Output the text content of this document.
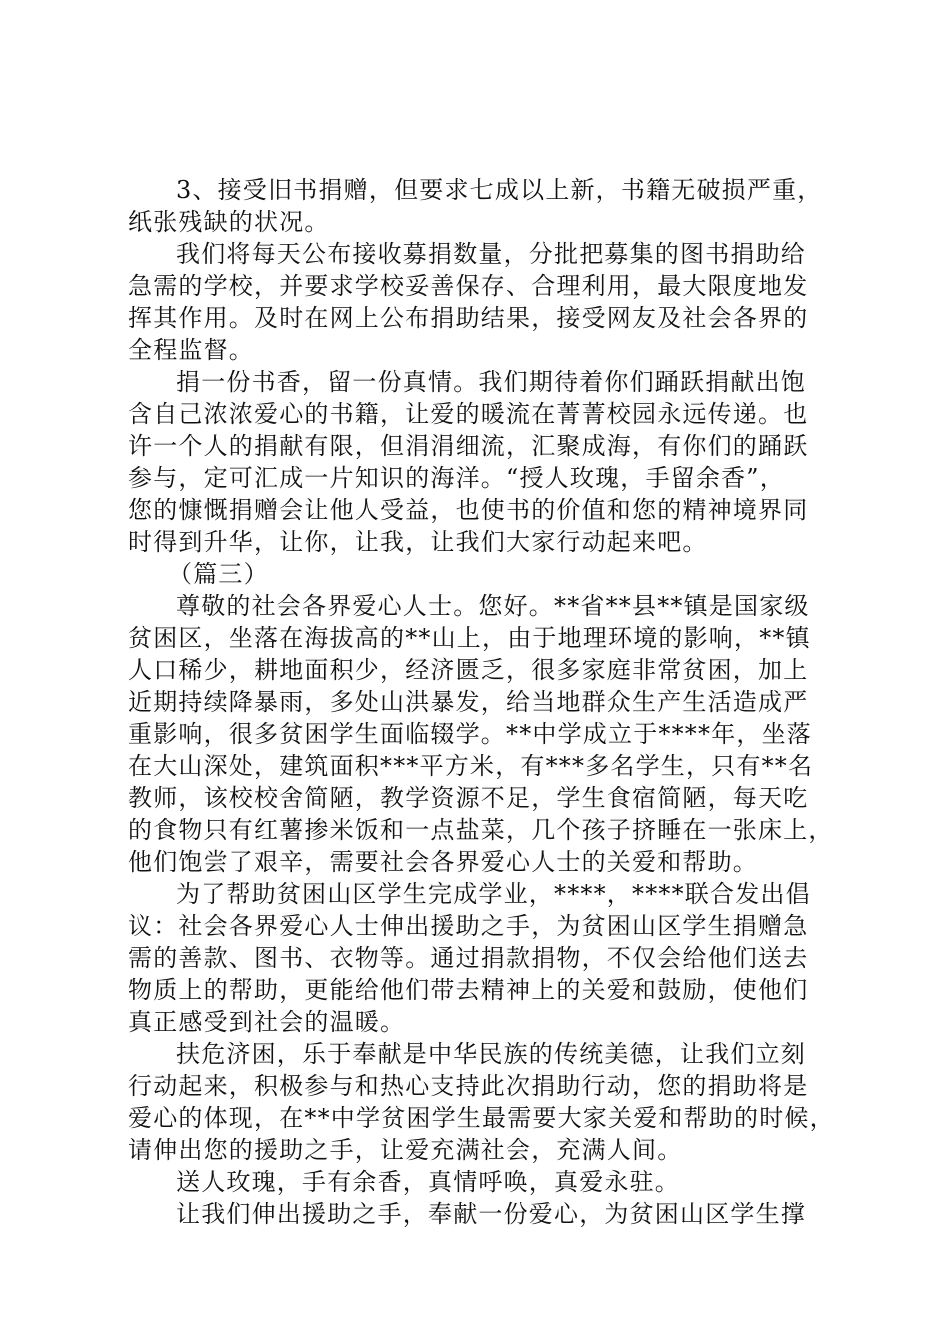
3、接受旧书捐赠，但要求七成以上新，书籍无破损严重，
纸张残缺的状况。
我们将每天公布接收募捐数量，分批把募集的图书捐助给
急需的学校，并要求学校妥善保存、合理利用，最大限度地发
挥其作用。及时在网上公布捐助结果，接受网友及社会各界的
全程监督。
捐一份书香，留一份真情。我们期待着你们踊跃捐献出饱
含自己浓浓爱心的书籍，让爱的暖流在菁菁校园永远传递。也
许一个人的捐献有限，但涓涓细流，汇聚成海，有你们的踊跃
参与，定可汇成一片知识的海洋。“授人玫瑰，手留余香”，
您的慷慨捐赠会让他人受益，也使书的价值和您的精神境界同
时得到升华，让你，让我，让我们大家行动起来吧。
（篇三）
尊敬的社会各界爱心人士。您好。**省**县**镇是国家级
贫困区，坐落在海拔高的**山上，由于地理环境的影响，**镇
人口稀少，耕地面积少，经济匮乏，很多家庭非常贫困，加上
近期持续降暴雨，多处山洪暴发，给当地群众生产生活造成严
重影响，很多贫困学生面临辍学。**中学成立于****年，坐落
在大山深处，建筑面积***平方米，有***多名学生，只有**名
教师，该校校舍简陋，教学资源不足，学生食宿简陋，每天吃
的食物只有红薯掺米饭和一点盐菜，几个孩子挤睡在一张床上，
他们饱尝了艰辛，需要社会各界爱心人士的关爱和帮助。
为了帮助贫困山区学生完成学业，****，****联合发出倡
议：社会各界爱心人士伸出援助之手，为贫困山区学生捐赠急
需的善款、图书、衣物等。通过捐款捐物，不仅会给他们送去
物质上的帮助，更能给他们带去精神上的关爱和鼓励，使他们
真正感受到社会的温暖。
扶危济困，乐于奉献是中华民族的传统美德，让我们立刻
行动起来，积极参与和热心支持此次捐助行动，您的捐助将是
爱心的体现，在**中学贫困学生最需要大家关爱和帮助的时候，
请伸出您的援助之手，让爱充满社会，充满人间。
送人玫瑰，手有余香，真情呼唤，真爱永驻。
让我们伸出援助之手，奉献一份爱心，为贫困山区学生撑
